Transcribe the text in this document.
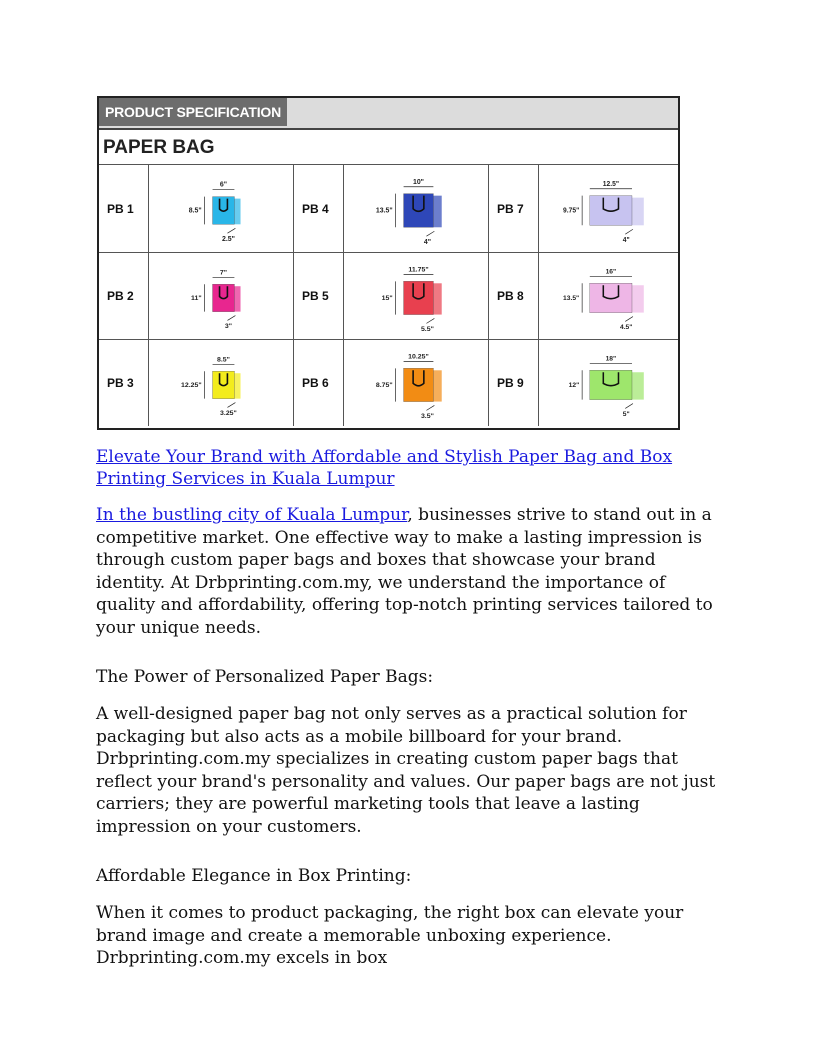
PRODUCT SPECIFICATION
PAPER BAG
PB 1
6"
8.5"
2.5"
PB 4
10"
13.5"
4"
PB 7
12.5"
9.75"
4"
PB 2
7"
11"
3"
PB 5
11.75"
15"
5.5"
PB 8
16"
13.5"
4.5"
PB 3
8.5"
12.25"
3.25"
PB 6
10.25"
8.75"
3.5"
PB 9
18"
12"
5"
Elevate Your Brand with Affordable and Stylish Paper Bag and Box Printing Services in Kuala Lumpur

In the bustling city of Kuala Lumpur, businesses strive to stand out in a competitive market. One effective way to make a lasting impression is through custom paper bags and boxes that showcase your brand identity. At Drbprinting.com.my, we understand the importance of quality and affordability, offering top-notch printing services tailored to your unique needs.

The Power of Personalized Paper Bags:

A well-designed paper bag not only serves as a practical solution for packaging but also acts as a mobile billboard for your brand. Drbprinting.com.my specializes in creating custom paper bags that reflect your brand's personality and values. Our paper bags are not just carriers; they are powerful marketing tools that leave a lasting impression on your customers.

Affordable Elegance in Box Printing:

When it comes to product packaging, the right box can elevate your brand image and create a memorable unboxing experience. Drbprinting.com.my excels in box
